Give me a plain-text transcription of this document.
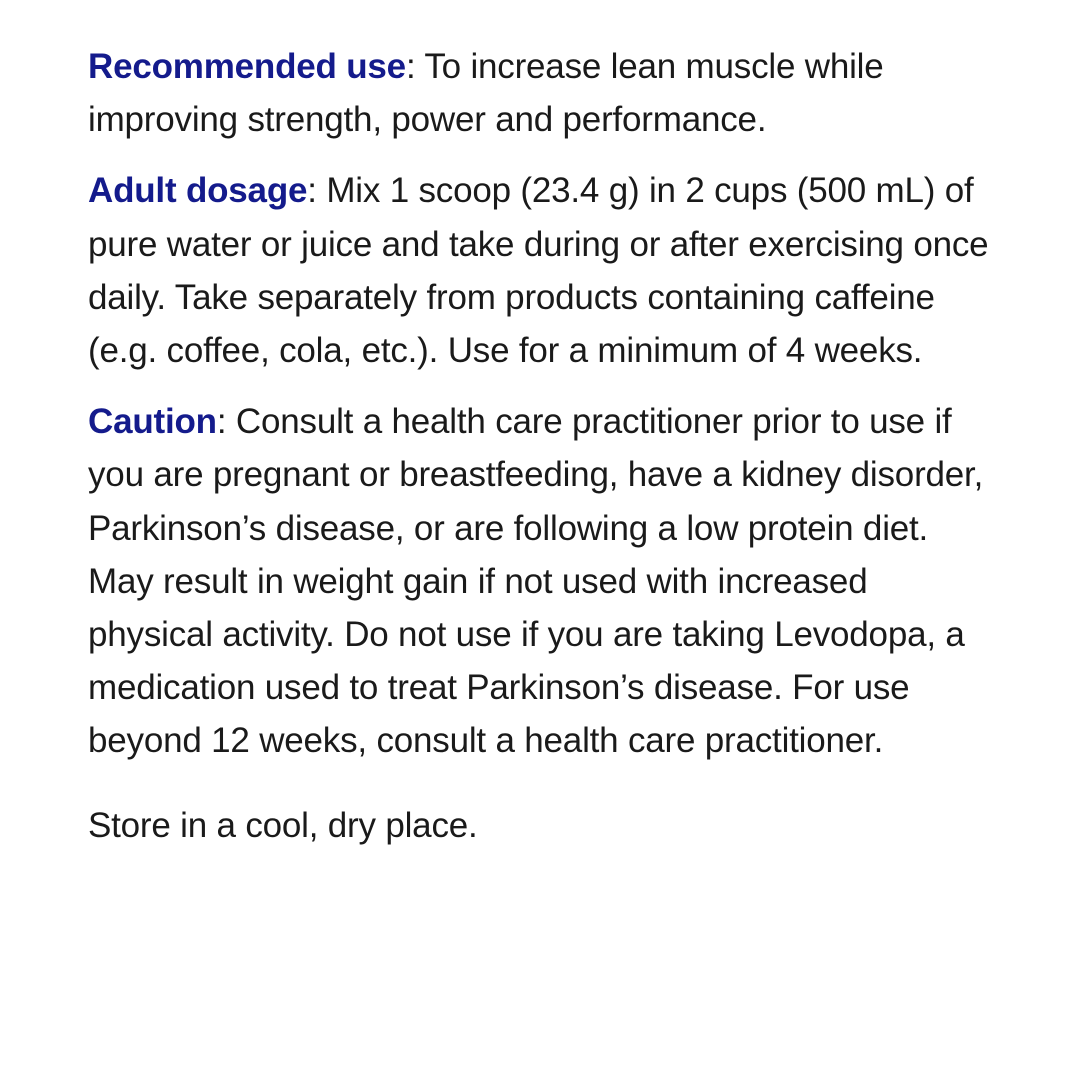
Recommended use: To increase lean muscle while improving strength, power and performance.

Adult dosage: Mix 1 scoop (23.4 g) in 2 cups (500 mL) of pure water or juice and take during or after exercising once daily. Take separately from products containing caffeine (e.g. coffee, cola, etc.). Use for a minimum of 4 weeks.

Caution: Consult a health care practitioner prior to use if you are pregnant or breastfeeding, have a kidney disorder, Parkinson’s disease, or are following a low protein diet. May result in weight gain if not used with increased physical activity. Do not use if you are taking Levodopa, a medication used to treat Parkinson’s disease. For use beyond 12 weeks, consult a health care practitioner.

Store in a cool, dry place.
